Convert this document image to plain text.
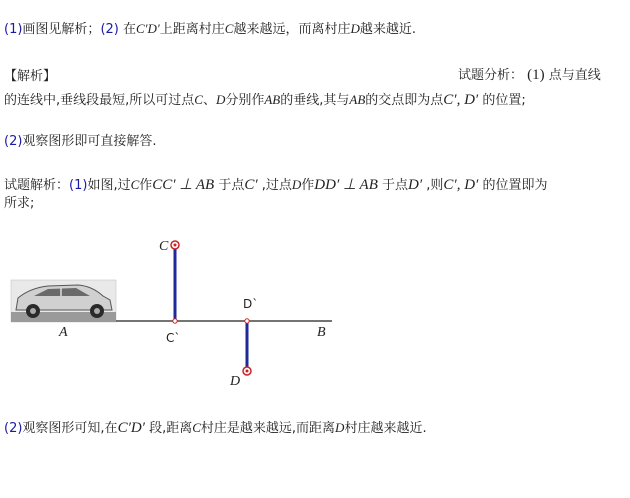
(1)画图见解析；(2) 在C′D′上距离村庄C越来越远，而离村庄D越来越近.
【解析】	试题分析： (1) 点与直线
的连线中,垂线段最短,所以可过点C、D分别作AB的垂线,其与AB的交点即为点C′, D′ 的位置;
(2)观察图形即可直接解答.
试题解析：(1)如图,过C作CC′ ⊥ AB 于点C′ ,过点D作DD′ ⊥ AB 于点D′ ,则C′, D′ 的位置即为
所求;
C
D
C`
D`
A	B
(2)观察图形可知,在C′D′ 段,距离C村庄是越来越远,而距离D村庄越来越近.
